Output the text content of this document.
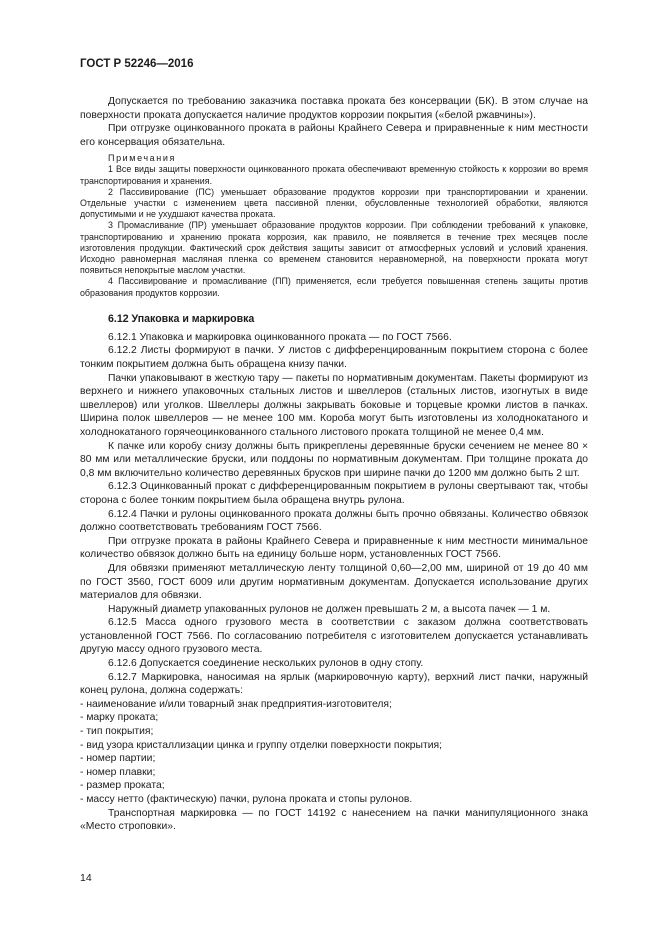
ГОСТ Р 52246—2016

Допускается по требованию заказчика поставка проката без консервации (БК). В этом случае на поверхности проката допускается наличие продуктов коррозии покрытия («белой ржавчины»).

При отгрузке оцинкованного проката в районы Крайнего Севера и приравненные к ним местности его консервация обязательна.

Примечания

1 Все виды защиты поверхности оцинкованного проката обеспечивают временную стойкость к коррозии во время транспортирования и хранения.

2 Пассивирование (ПС) уменьшает образование продуктов коррозии при транспортировании и хранении. Отдельные участки с изменением цвета пассивной пленки, обусловленные технологией обработки, являются допустимыми и не ухудшают качества проката.

3 Промасливание (ПР) уменьшает образование продуктов коррозии. При соблюдении требований к упаковке, транспортированию и хранению проката коррозия, как правило, не появляется в течение трех месяцев после изготовления продукции. Фактический срок действия защиты зависит от атмосферных условий и условий хранения. Исходно равномерная масляная пленка со временем становится неравномерной, на поверхности проката могут появиться непокрытые маслом участки.

4 Пассивирование и промасливание (ПП) применяется, если требуется повышенная степень защиты против образования продуктов коррозии.

6.12 Упаковка и маркировка

6.12.1 Упаковка и маркировка оцинкованного проката — по ГОСТ 7566.

6.12.2 Листы формируют в пачки. У листов с дифференцированным покрытием сторона с более тонким покрытием должна быть обращена книзу пачки.

Пачки упаковывают в жесткую тару — пакеты по нормативным документам. Пакеты формируют из верхнего и нижнего упаковочных стальных листов и швеллеров (стальных листов, изогнутых в виде швеллеров) или уголков. Швеллеры должны закрывать боковые и торцевые кромки листов в пачках. Ширина полок швеллеров — не менее 100 мм. Короба могут быть изготовлены из холоднокатаного и холоднокатаного горячеоцинкованного стального листового проката толщиной не менее 0,4 мм.

К пачке или коробу снизу должны быть прикреплены деревянные бруски сечением не менее 80 × 80 мм или металлические бруски, или поддоны по нормативным документам. При толщине проката до 0,8 мм включительно количество деревянных брусков при ширине пачки до 1200 мм должно быть 2 шт.

6.12.3 Оцинкованный прокат с дифференцированным покрытием в рулоны свертывают так, чтобы сторона с более тонким покрытием была обращена внутрь рулона.

6.12.4 Пачки и рулоны оцинкованного проката должны быть прочно обвязаны. Количество обвязок должно соответствовать требованиям ГОСТ 7566.

При отгрузке проката в районы Крайнего Севера и приравненные к ним местности минимальное количество обвязок должно быть на единицу больше норм, установленных ГОСТ 7566.

Для обвязки применяют металлическую ленту толщиной 0,60—2,00 мм, шириной от 19 до 40 мм по ГОСТ 3560, ГОСТ 6009 или другим нормативным документам. Допускается использование других материалов для обвязки.

Наружный диаметр упакованных рулонов не должен превышать 2 м, а высота пачек — 1 м.

6.12.5 Масса одного грузового места в соответствии с заказом должна соответствовать установленной ГОСТ 7566. По согласованию потребителя с изготовителем допускается устанавливать другую массу одного грузового места.

6.12.6 Допускается соединение нескольких рулонов в одну стопу.

6.12.7 Маркировка, наносимая на ярлык (маркировочную карту), верхний лист пачки, наружный конец рулона, должна содержать:

- наименование и/или товарный знак предприятия-изготовителя;

- марку проката;

- тип покрытия;

- вид узора кристаллизации цинка и группу отделки поверхности покрытия;

- номер партии;

- номер плавки;

- размер проката;

- массу нетто (фактическую) пачки, рулона проката и стопы рулонов.

Транспортная маркировка — по ГОСТ 14192 с нанесением на пачки манипуляционного знака «Место строповки».

14
